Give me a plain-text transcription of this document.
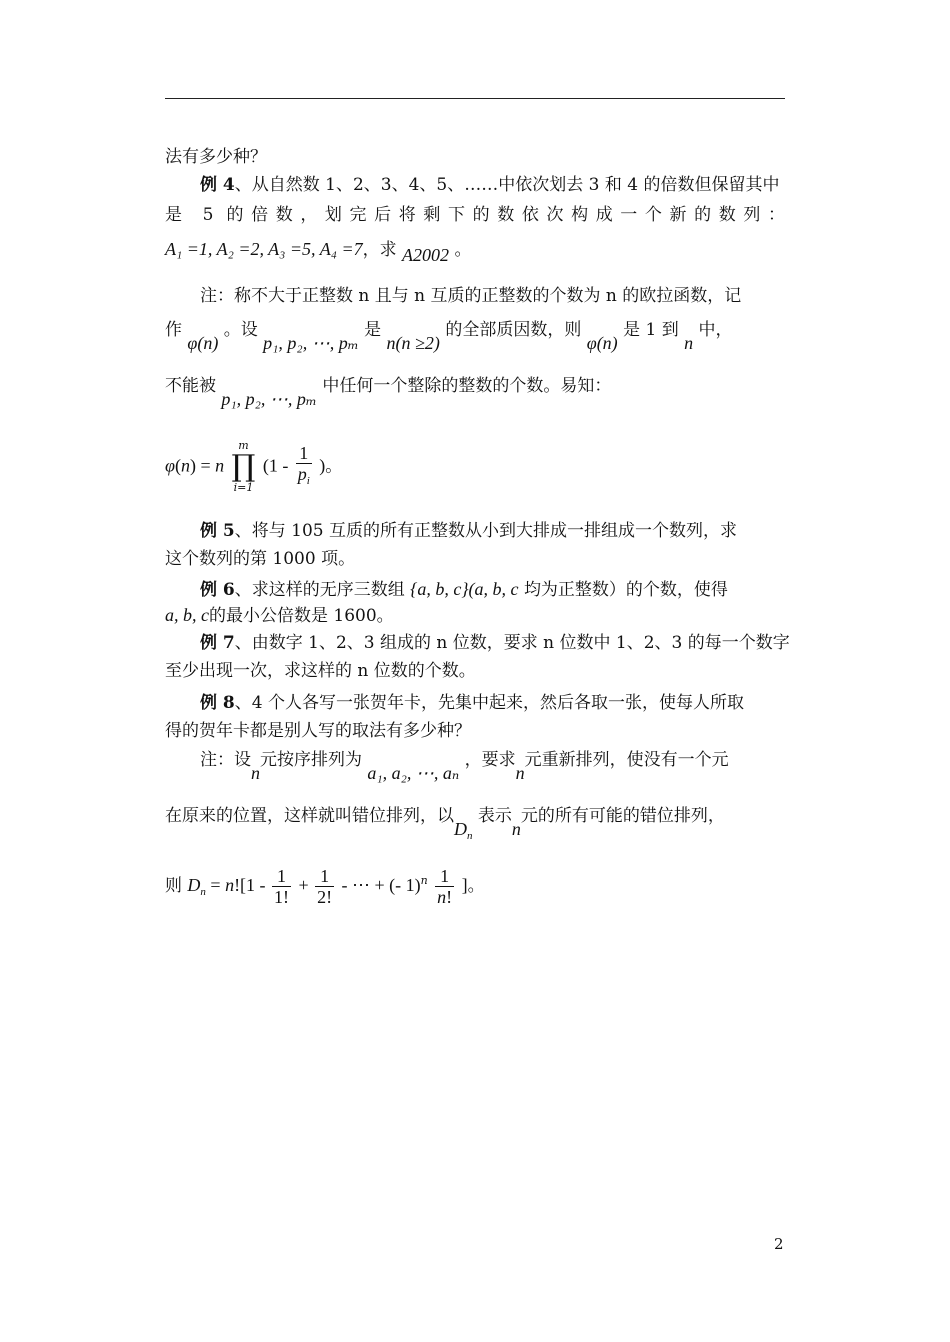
法有多少种？
例 4、从自然数 1、2、3、4、5、……中依次划去 3 和 4 的倍数但保留其中
是 5 的倍数，划完后将剩下的数依次构成一个新的数列：
A₁ =1, A₂ =2, A₃ =5, A₄ =7，求 A2002 。
注：称不大于正整数 n 且与 n 互质的正整数的个数为 n 的欧拉函数，记
作 φ(n) 。设 p₁, p₂, ⋯, pₘ 是 n(n ≥2) 的全部质因数，则 φ(n) 是 1 到 n 中，
不能被 p₁, p₂, ⋯, pₘ 中任何一个整除的整数的个数。易知：
φ(n) = n
m
∏
i=1
($1 - \frac{1}{p_i}$ )。
例 5、将与 105 互质的所有正整数从小到大排成一排组成一个数列，求
这个数列的第 1000 项。
例 6、求这样的无序三数组 {a, b, c}(a, b, c 均为正整数）的个数，使得
a, b, c的最小公倍数是 1600。
例 7、由数字 1、2、3 组成的 n 位数，要求 n 位数中 1、2、3 的每一个数字
至少出现一次，求这样的 n 位数的个数。
例 8、4 个人各写一张贺年卡，先集中起来，然后各取一张，使每人所取
得的贺年卡都是别人写的取法有多少种？
注：设n元按序排列为 a₁, a₂, ⋯, aₙ ，要求n元重新排列，使没有一个元
在原来的位置，这样就叫错位排列，以$D_n$ 表示n元的所有可能的错位排列，
则 $D_n = n![1 - \frac{1}{1!} + \frac{1}{2!}$ - ⋯ + (- $1)^n \frac{1}{n!}$ ]。
2
